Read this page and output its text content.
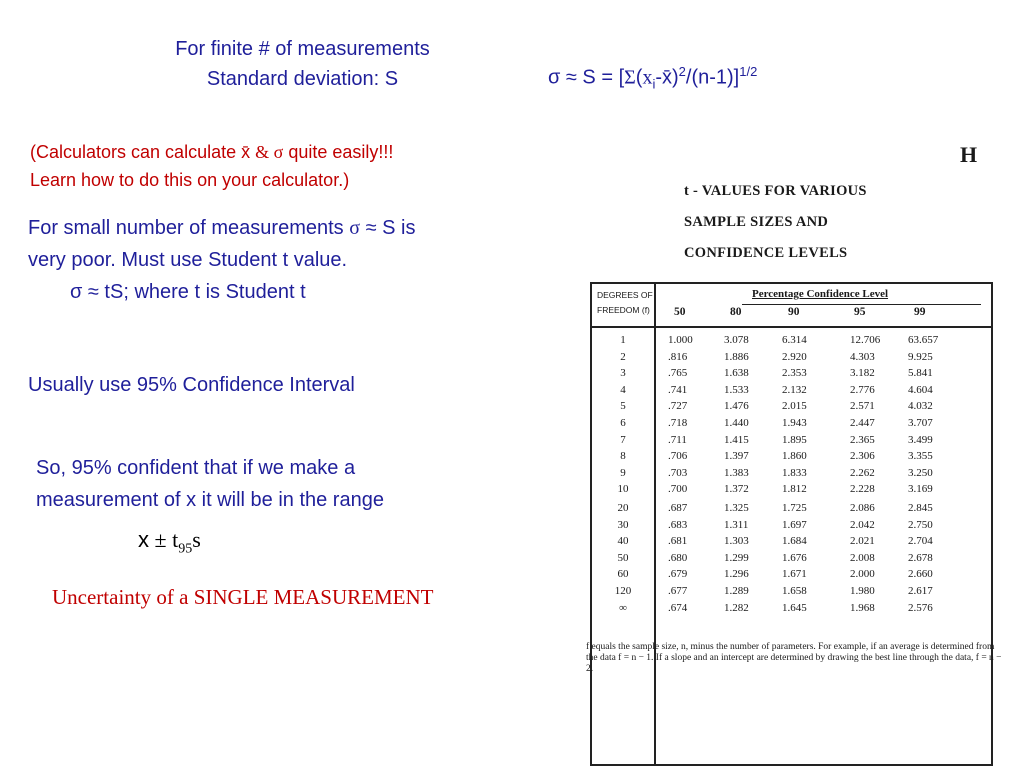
For finite # of measurements
Standard deviation: S	$\sigma \approx S = [\Sigma(x_i-x̄)^2/(n-1)]^{1/2}$
(Calculators can calculate x̄ & σ quite easily!!!
Learn how to do this on your calculator.)
For small number of measurements σ ≈ S is
very poor. Must use Student t value.
σ ≈ tS; where t is Student t
Usually use 95% Confidence Interval
So, 95% confident that if we make a
measurement of x it will be in the range
$x \pm t_{95}s$
Uncertainty of a SINGLE MEASUREMENT
H
t - VALUES FOR VARIOUS
SAMPLE SIZES AND
CONFIDENCE LEVELS
DEGREES OF
FREEDOM (f)
Percentage Confidence Level
50	80	90	95	99
1	1.000	3.078	6.314	12.706	63.657
2	.816	1.886	2.920	4.303	9.925
3	.765	1.638	2.353	3.182	5.841
4	.741	1.533	2.132	2.776	4.604
5	.727	1.476	2.015	2.571	4.032
6	.718	1.440	1.943	2.447	3.707
7	.711	1.415	1.895	2.365	3.499
8	.706	1.397	1.860	2.306	3.355
9	.703	1.383	1.833	2.262	3.250
10	.700	1.372	1.812	2.228	3.169
20	.687	1.325	1.725	2.086	2.845
30	.683	1.311	1.697	2.042	2.750
40	.681	1.303	1.684	2.021	2.704
50	.680	1.299	1.676	2.008	2.678
60	.679	1.296	1.671	2.000	2.660
120	.677	1.289	1.658	1.980	2.617
∞	.674	1.282	1.645	1.968	2.576
f equals the sample size, n, minus the number of parameters. For example, if an average is determined from the data f = n − 1. If a slope and an intercept are determined by drawing the best line through the data, f = n − 2.
